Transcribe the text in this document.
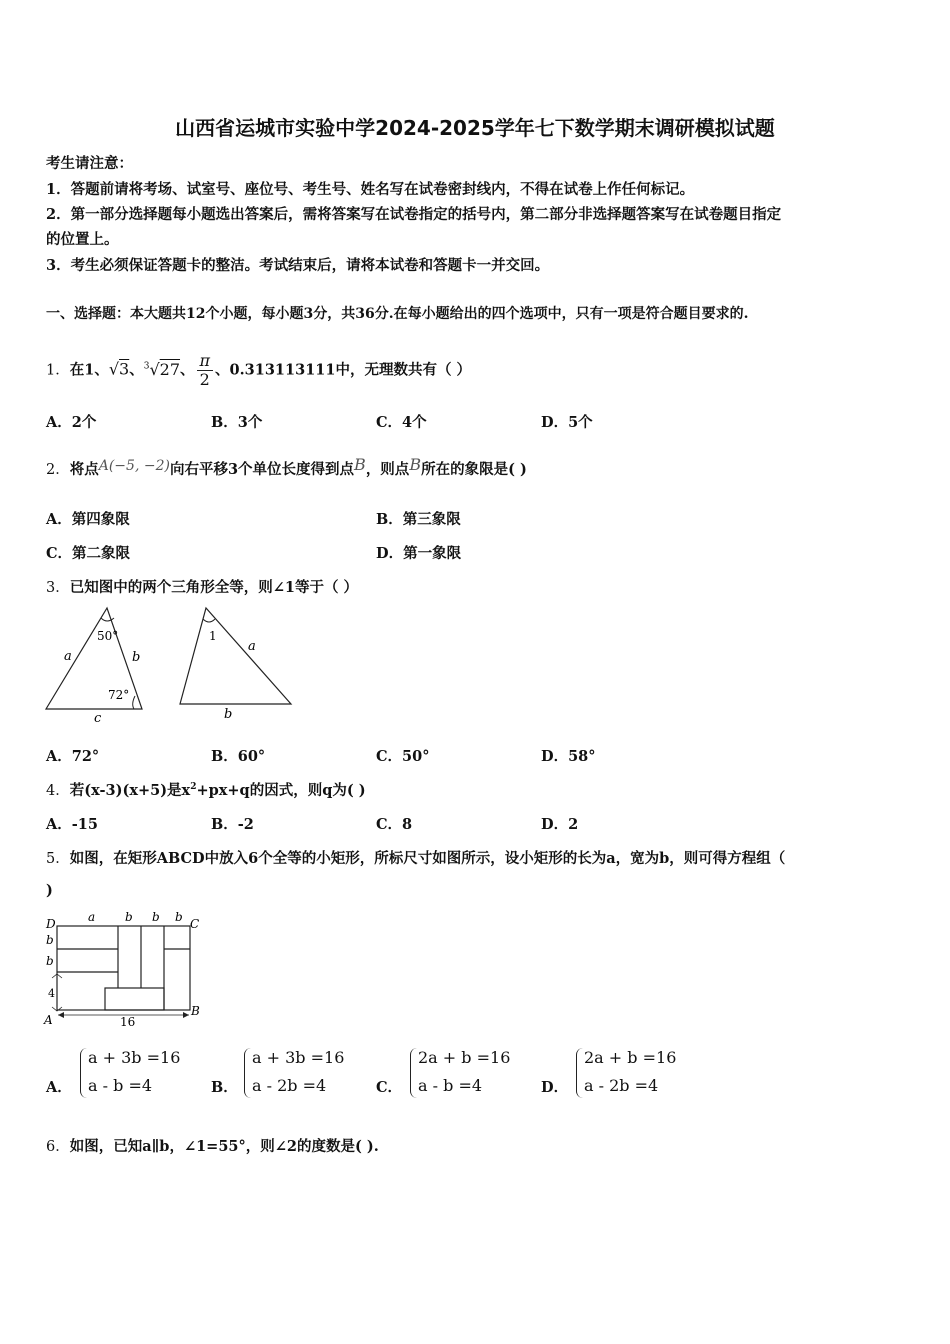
山西省运城市实验中学2024-2025学年七下数学期末调研模拟试题
考生请注意：
1．答题前请将考场、试室号、座位号、考生号、姓名写在试卷密封线内，不得在试卷上作任何标记。
2．第一部分选择题每小题选出答案后，需将答案写在试卷指定的括号内，第二部分非选择题答案写在试卷题目指定
的位置上。
3．考生必须保证答题卡的整洁。考试结束后，请将本试卷和答题卡一并交回。
一、选择题：本大题共12个小题，每小题3分，共36分.在每小题给出的四个选项中，只有一项是符合题目要求的.
1．在1、√3、$^3$√27、 $\frac{\pi}{2}$ 、0.313113111中，无理数共有（ ）
A．2个	B．3个	C．4个	D．5个
2．将点A(−5, −2)向右平移3个单位长度得到点B，则点B所在的象限是( )
A．第四象限	B．第三象限
C．第二象限	D．第一象限
3．已知图中的两个三角形全等，则∠1等于（ ）
50°
72°
a	b
c
1
a
b
A．72°	B．60°	C．50°	D．58°
4．若(x-3)(x+5)是$x^2+px+q$的因式，则q为( )
A．-15	B．-2	C．8	D．2
5．如图，在矩形ABCD中放入6个全等的小矩形，所标尺寸如图所示，设小矩形的长为a，宽为b，则可得方程组（
)
D	C
A
B
a b b b
b
b
4
16
A．
a + 3b =16
a - b =4	B．
a + 3b =16
a - 2b =4	C．
2a + b =16
a - b =4	D．
2a + b =16
a - 2b =4
6．如图，已知a∥b，∠1=55°，则∠2的度数是( ).
